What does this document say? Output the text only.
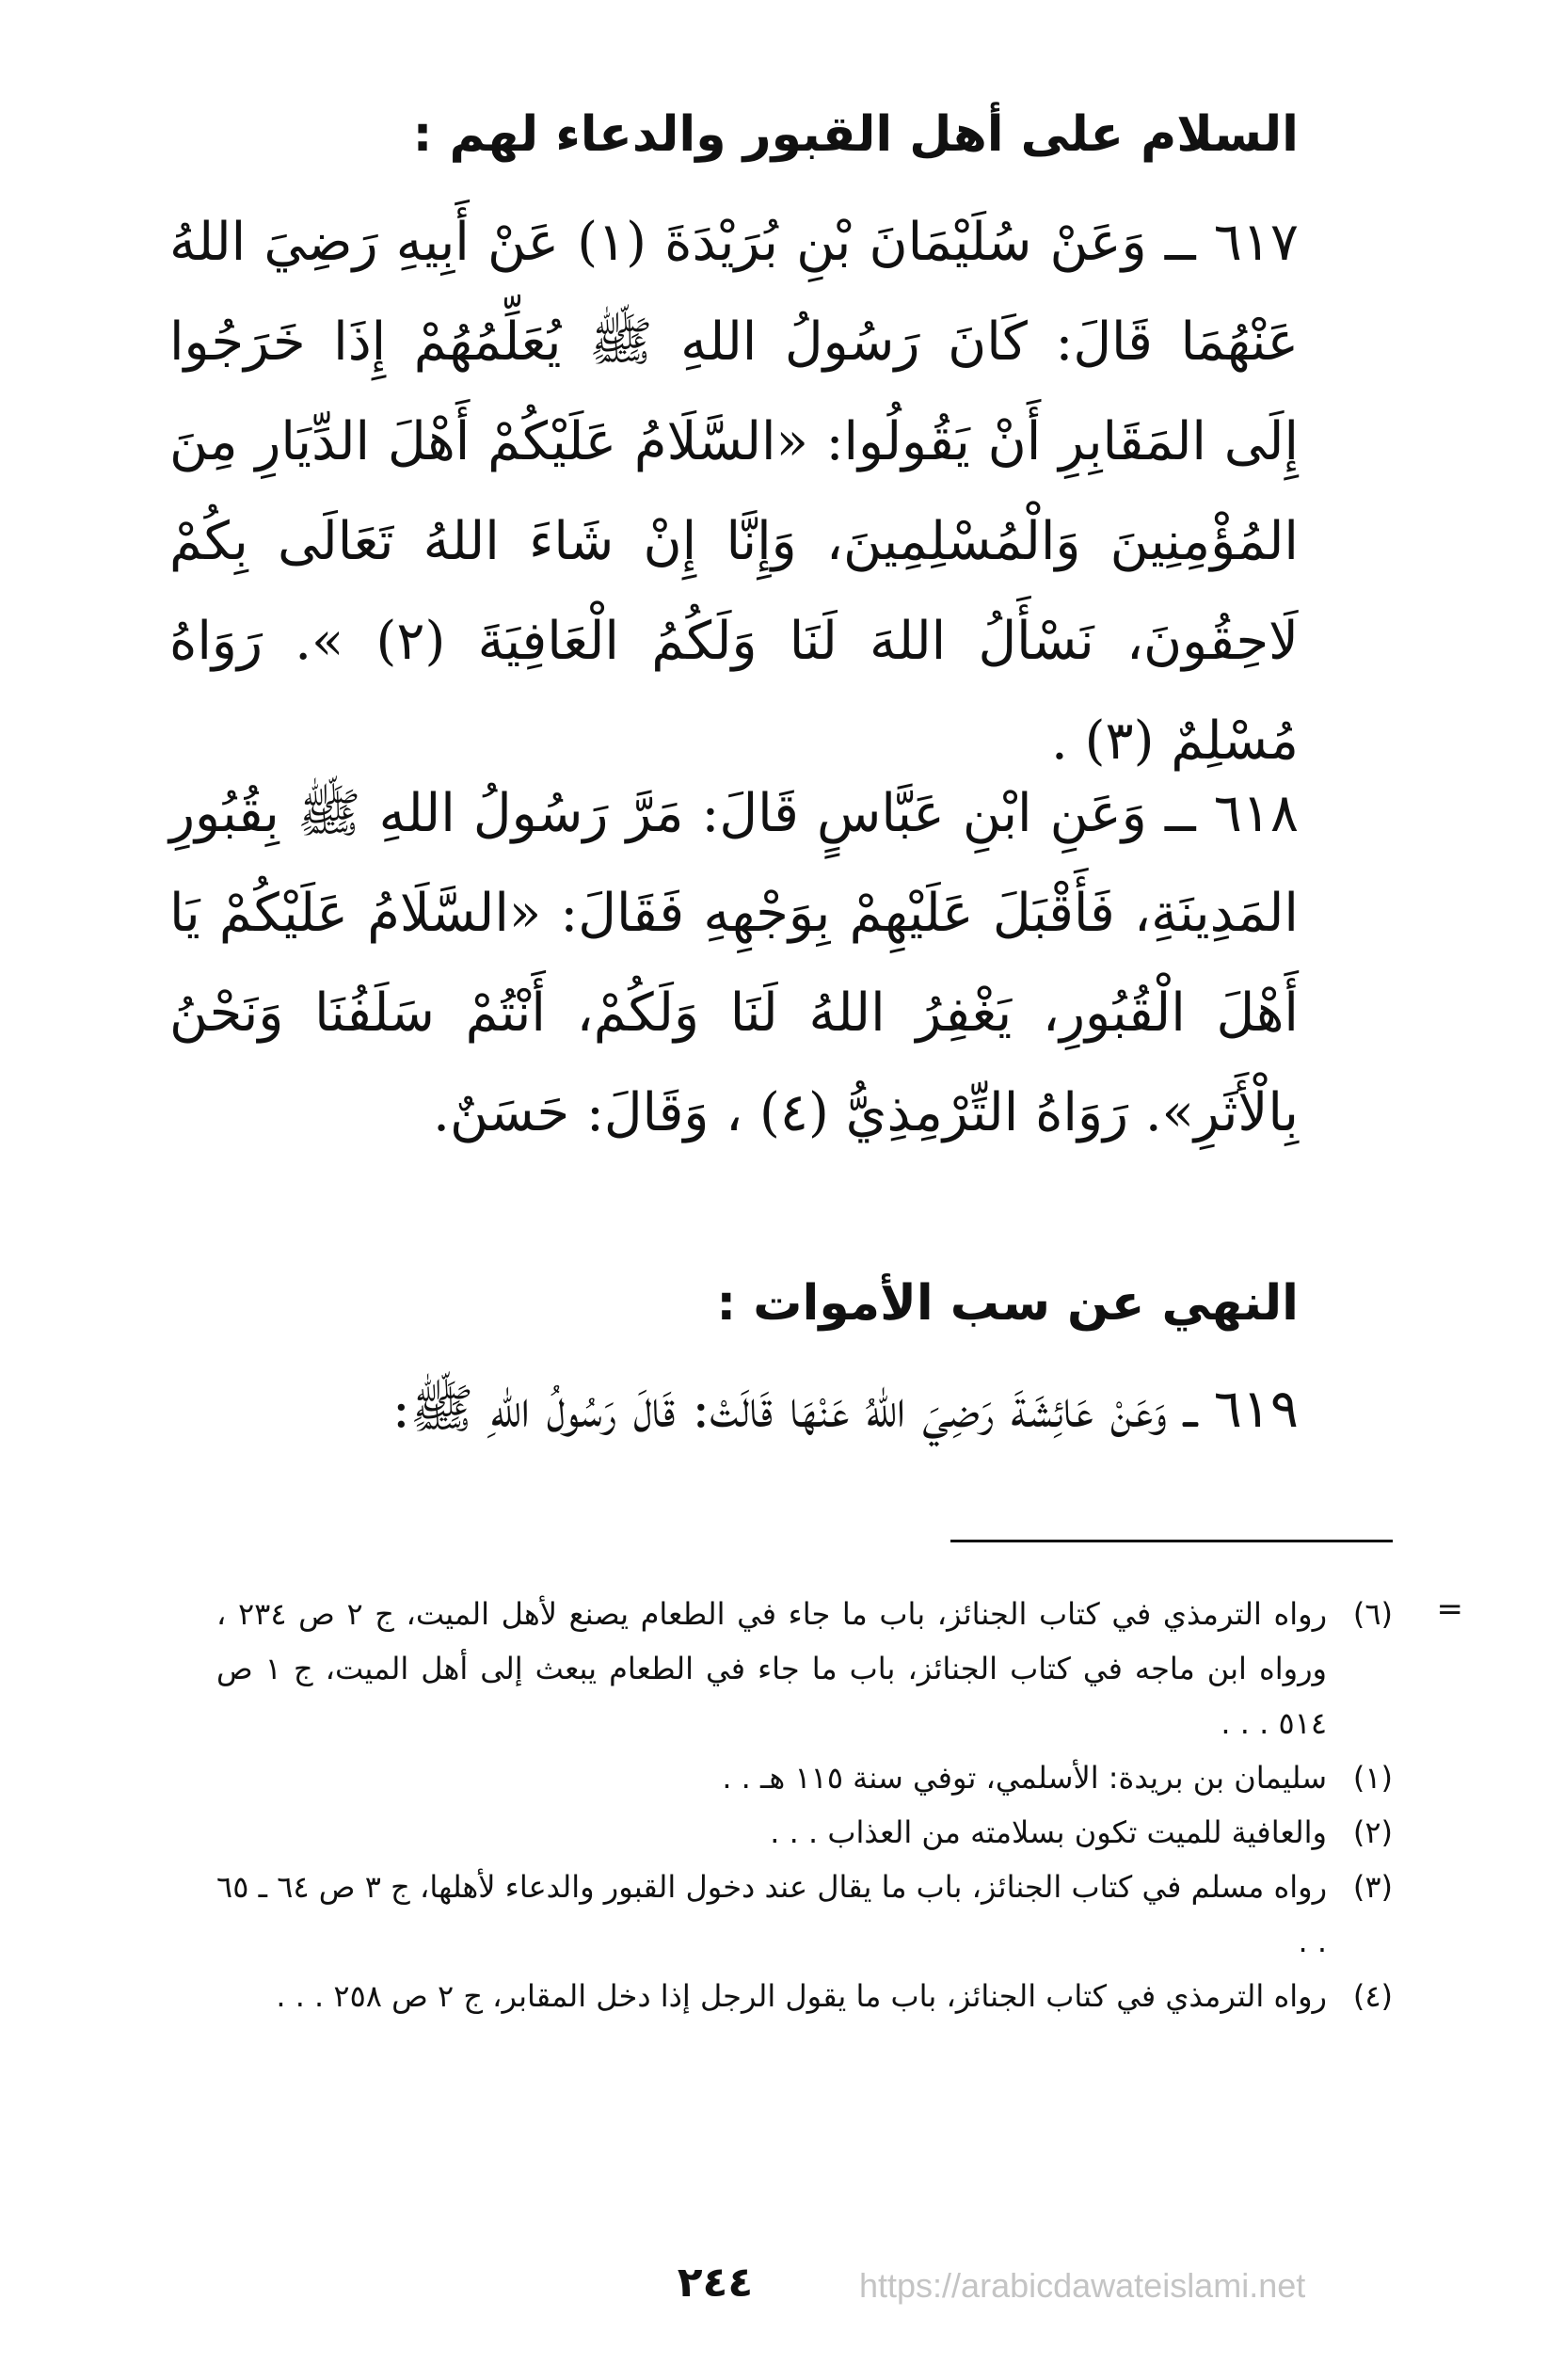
السلام على أهل القبور والدعاء لهم :
٦١٧ ــ وَعَنْ سُلَيْمَانَ بْنِ بُرَيْدَةَ (١) عَنْ أَبِيهِ رَضِيَ اللهُ عَنْهُمَا قَالَ: كَانَ رَسُولُ اللهِ ﷺ يُعَلِّمُهُمْ إِذَا خَرَجُوا إِلَى المَقَابِرِ أَنْ يَقُولُوا: «السَّلَامُ عَلَيْكُمْ أَهْلَ الدِّيَارِ مِنَ المُؤْمِنِينَ وَالْمُسْلِمِينَ، وَإِنَّا إِنْ شَاءَ اللهُ تَعَالَى بِكُمْ لَاحِقُونَ، نَسْأَلُ اللهَ لَنَا وَلَكُمُ الْعَافِيَةَ (٢) ». رَوَاهُ مُسْلِمٌ (٣) .
٦١٨ ــ وَعَنِ ابْنِ عَبَّاسٍ قَالَ: مَرَّ رَسُولُ اللهِ ﷺ بِقُبُورِ المَدِينَةِ، فَأَقْبَلَ عَلَيْهِمْ بِوَجْهِهِ فَقَالَ: «السَّلَامُ عَلَيْكُمْ يَا أَهْلَ الْقُبُورِ، يَغْفِرُ اللهُ لَنَا وَلَكُمْ، أَنْتُمْ سَلَفُنَا وَنَحْنُ بِالْأَثَرِ». رَوَاهُ التِّرْمِذِيُّ (٤) ، وَقَالَ: حَسَنٌ.
النهي عن سب الأموات :
٦١٩ ــ وَعَنْ عَائِشَةَ رَضِيَ اللهُ عَنْهَا قَالَتْ: قَالَ رَسُولُ اللهِ ﷺ:
=
(٦)
رواه الترمذي في كتاب الجنائز، باب ما جاء في الطعام يصنع لأهل الميت، ج ٢ ص ٢٣٤ ، ورواه ابن ماجه في كتاب الجنائز، باب ما جاء في الطعام يبعث إلى أهل الميت، ج ١ ص ٥١٤ . . .
(١)
سليمان بن بريدة: الأسلمي، توفي سنة ١١٥ هـ . .
(٢)
والعافية للميت تكون بسلامته من العذاب . . .
(٣)
رواه مسلم في كتاب الجنائز، باب ما يقال عند دخول القبور والدعاء لأهلها، ج ٣ ص ٦٤ ـ ٦٥ . .
(٤)
رواه الترمذي في كتاب الجنائز، باب ما يقول الرجل إذا دخل المقابر، ج ٢ ص ٢٥٨ . . .
٢٤٤	https://arabicdawateislami.net
